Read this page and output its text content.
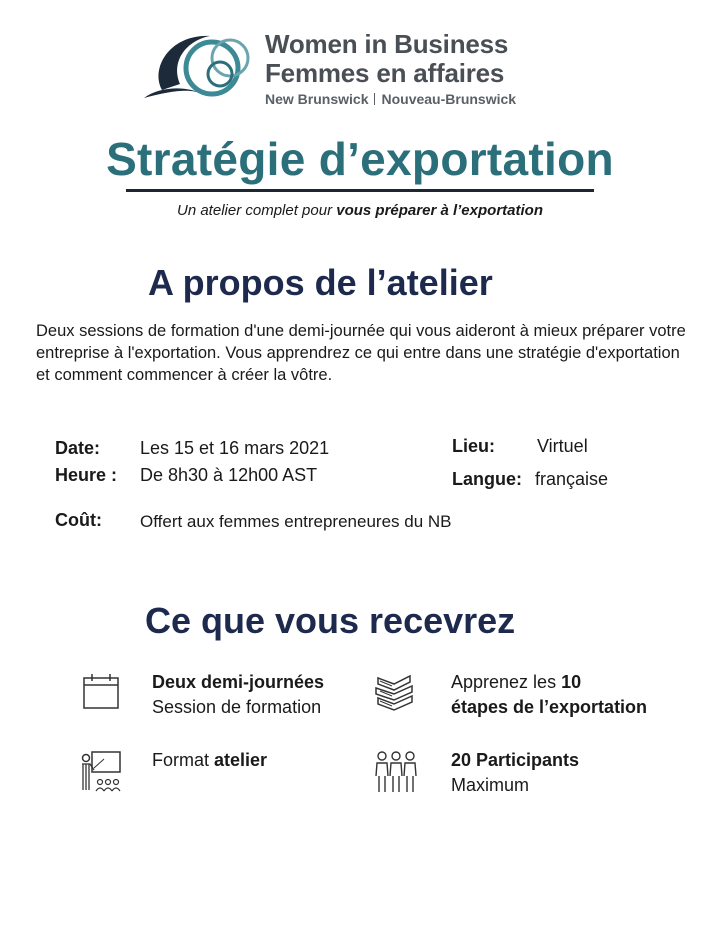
Women in Business
Femmes en affaires
New Brunswick Nouveau-Brunswick
Stratégie d’exportation
Un atelier complet pour vous préparer à l’exportation
A propos de l’atelier
Deux sessions de formation d'une demi-journée qui vous aideront à mieux préparer votre entreprise à l'exportation. Vous apprendrez ce qui entre dans une stratégie d'exportation et comment commencer à créer la vôtre.
Date: Les 15 et 16 mars 2021
Heure : De 8h30 à 12h00 AST
Coût: Offert aux femmes entrepreneures du NB
Lieu: Virtuel
Langue: française
Ce que vous recevrez
Deux demi-journées
Session de formation
Apprenez les 10
étapes de l’exportation
Format atelier	20 Participants
Maximum
